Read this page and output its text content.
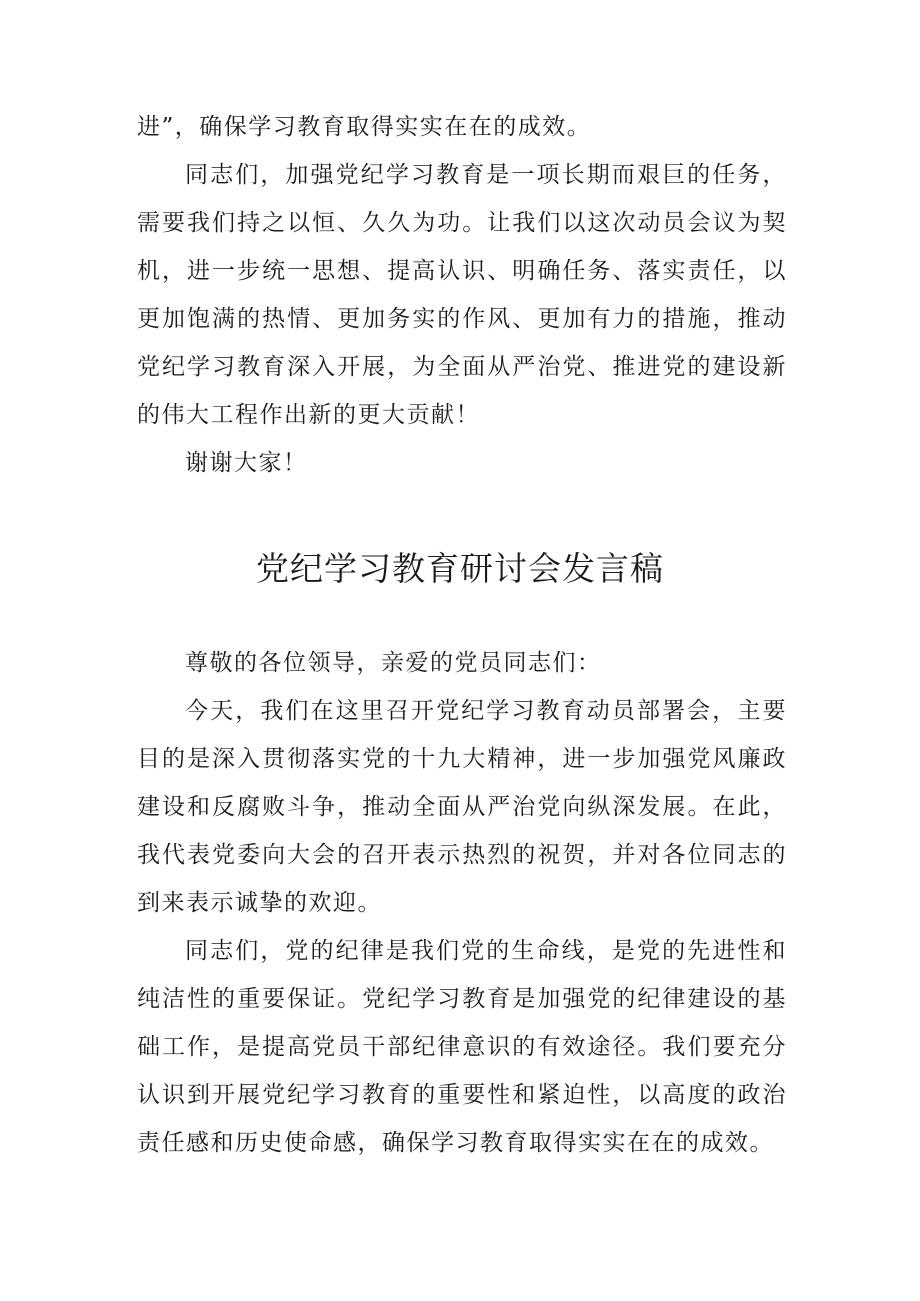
进”，确保学习教育取得实实在在的成效。

同志们，加强党纪学习教育是一项长期而艰巨的任务，需要我们持之以恒、久久为功。让我们以这次动员会议为契机，进一步统一思想、提高认识、明确任务、落实责任，以更加饱满的热情、更加务实的作风、更加有力的措施，推动党纪学习教育深入开展，为全面从严治党、推进党的建设新的伟大工程作出新的更大贡献！

谢谢大家！

党纪学习教育研讨会发言稿

尊敬的各位领导，亲爱的党员同志们：

今天，我们在这里召开党纪学习教育动员部署会，主要目的是深入贯彻落实党的十九大精神，进一步加强党风廉政建设和反腐败斗争，推动全面从严治党向纵深发展。在此，我代表党委向大会的召开表示热烈的祝贺，并对各位同志的到来表示诚挚的欢迎。

同志们，党的纪律是我们党的生命线，是党的先进性和纯洁性的重要保证。党纪学习教育是加强党的纪律建设的基础工作，是提高党员干部纪律意识的有效途径。我们要充分认识到开展党纪学习教育的重要性和紧迫性，以高度的政治责任感和历史使命感，确保学习教育取得实实在在的成效。
